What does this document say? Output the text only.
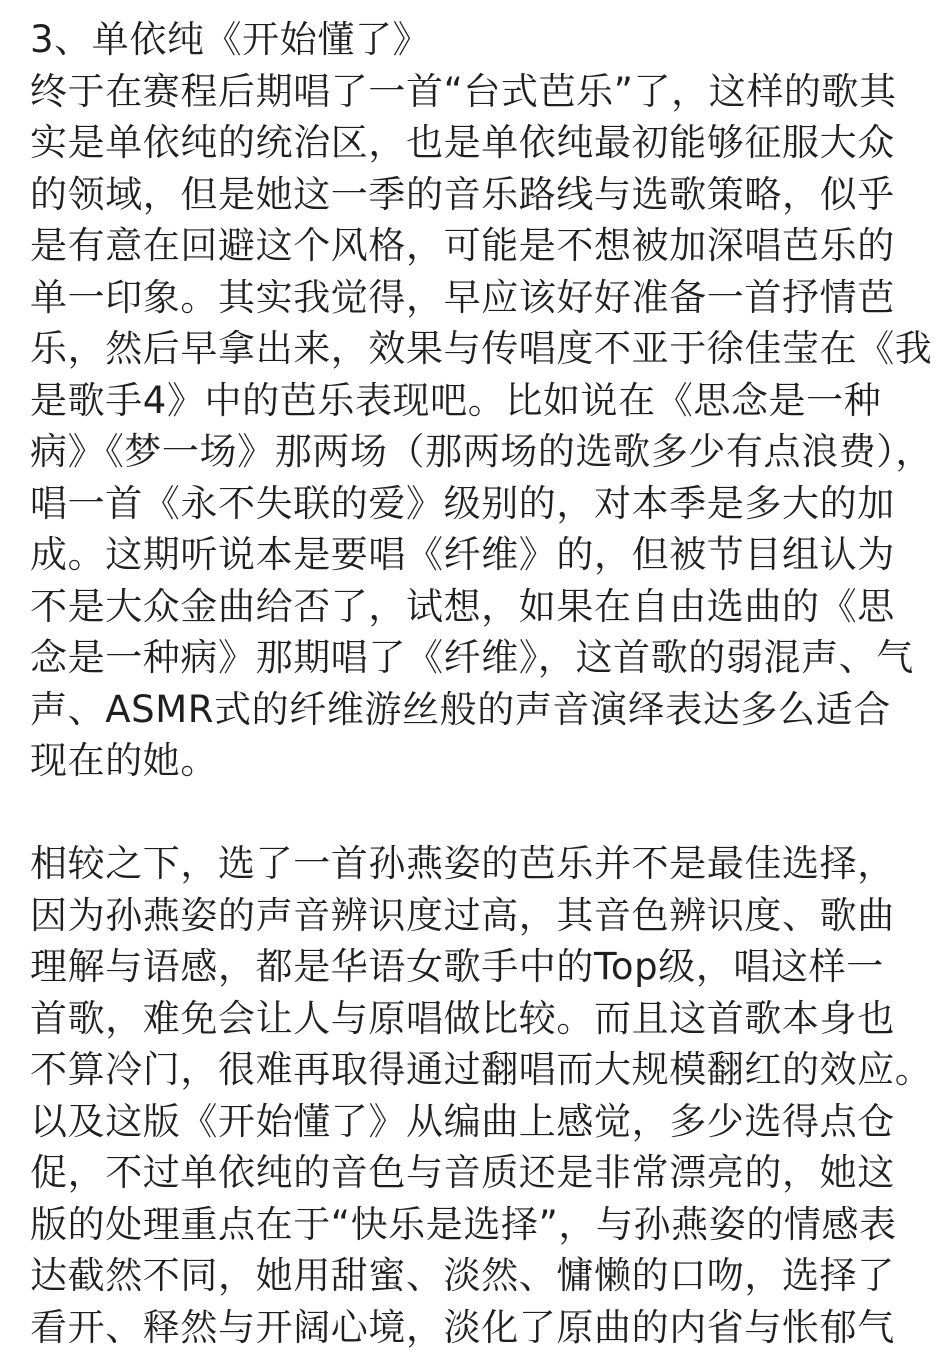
3、单依纯《开始懂了》
终于在赛程后期唱了一首“台式芭乐”了，这样的歌其
实是单依纯的统治区，也是单依纯最初能够征服大众
的领域，但是她这一季的音乐路线与选歌策略，似乎
是有意在回避这个风格，可能是不想被加深唱芭乐的
单一印象。其实我觉得，早应该好好准备一首抒情芭
乐，然后早拿出来，效果与传唱度不亚于徐佳莹在《我
是歌手4》中的芭乐表现吧。比如说在《思念是一种
病》《梦一场》那两场（那两场的选歌多少有点浪费），
唱一首《永不失联的爱》级别的，对本季是多大的加
成。这期听说本是要唱《纤维》的，但被节目组认为
不是大众金曲给否了，试想，如果在自由选曲的《思
念是一种病》那期唱了《纤维》，这首歌的弱混声、气
声、ASMR式的纤维游丝般的声音演绎表达多么适合
现在的她。
相较之下，选了一首孙燕姿的芭乐并不是最佳选择，
因为孙燕姿的声音辨识度过高，其音色辨识度、歌曲
理解与语感，都是华语女歌手中的Top级，唱这样一
首歌，难免会让人与原唱做比较。而且这首歌本身也
不算冷门，很难再取得通过翻唱而大规模翻红的效应。
以及这版《开始懂了》从编曲上感觉，多少选得点仓
促，不过单依纯的音色与音质还是非常漂亮的，她这
版的处理重点在于“快乐是选择”，与孙燕姿的情感表
达截然不同，她用甜蜜、淡然、慵懒的口吻，选择了
看开、释然与开阔心境，淡化了原曲的内省与怅郁气
